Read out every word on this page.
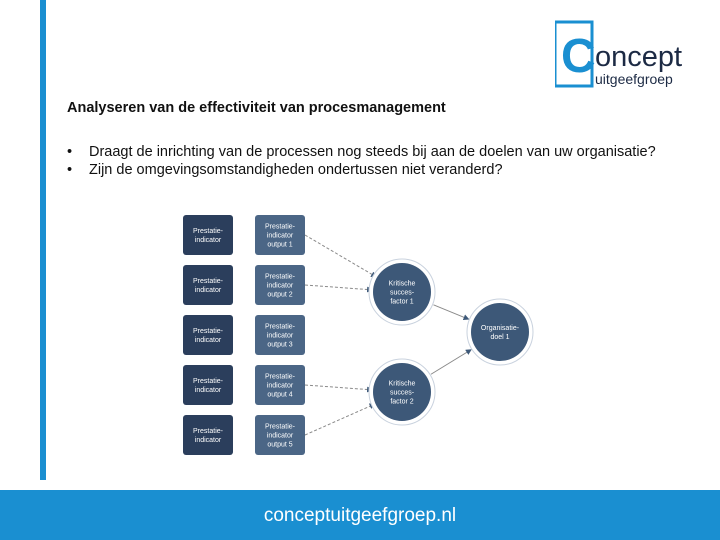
C oncept
uitgeefgroep
Analyseren van de effectiviteit van procesmanagement
• Draagt de inrichting van de processen nog steeds bij aan de doelen van uw organisatie?
• Zijn de omgevingsomstandigheden ondertussen niet veranderd?
Prestatie-indicator
Prestatie-indicator
Prestatie-indicator
Prestatie-indicator
Prestatie-indicator
Prestatie-indicator output 1
Prestatie-indicator output 2
Prestatie-indicator output 3
Prestatie-indicator output 4
Prestatie-indicator output 5
Kritische succes-factor 1
Kritische succes-factor 2
Organisatie-doel 1
conceptuitgeefgroep.nl
